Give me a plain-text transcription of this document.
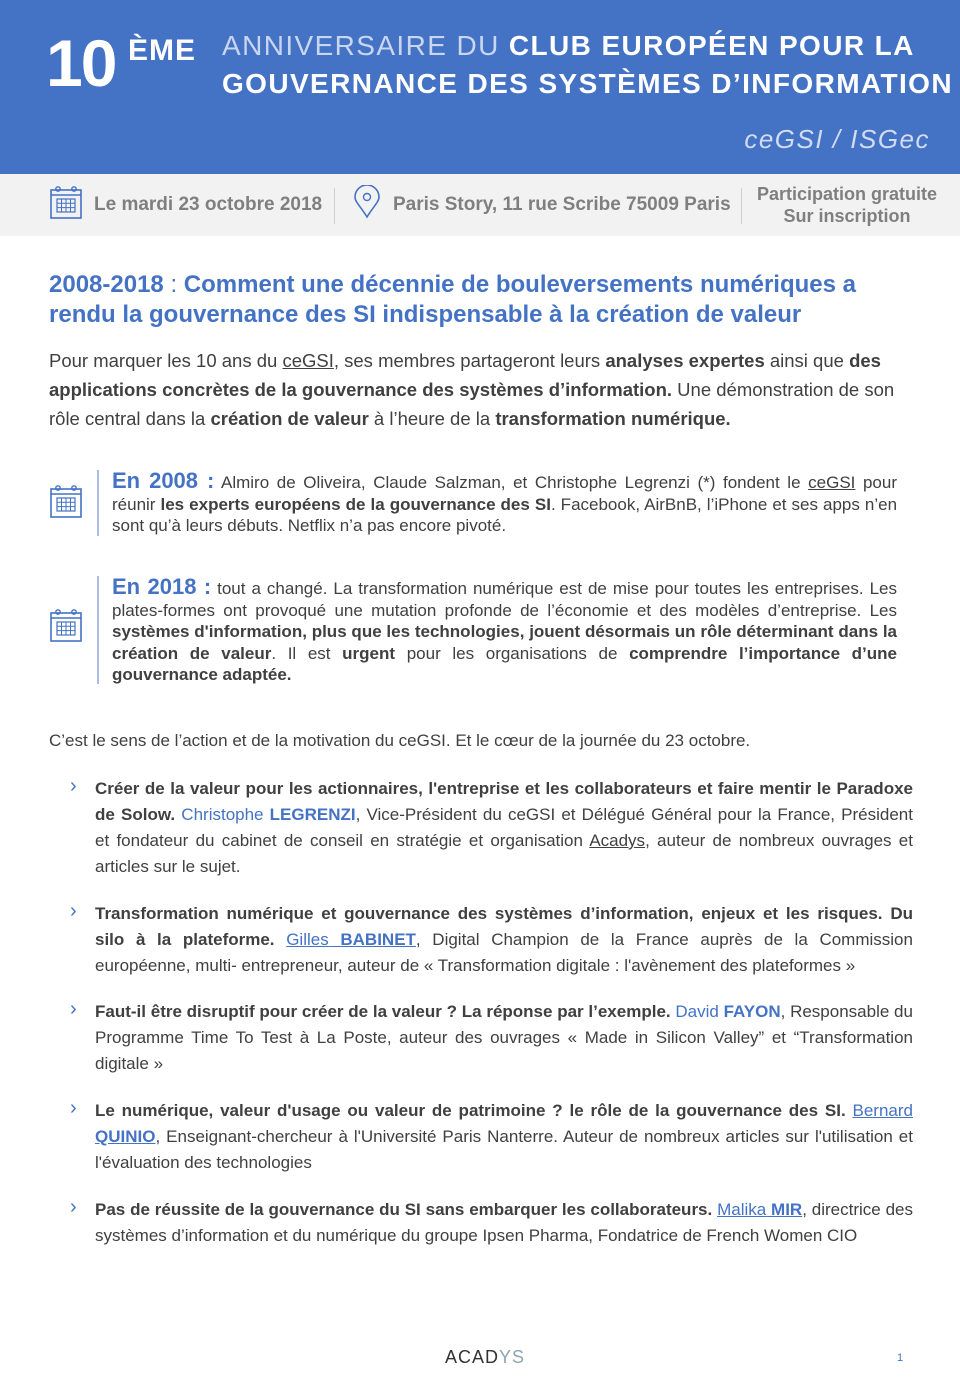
10 ÈME ANNIVERSAIRE DU CLUB EUROPÉEN POUR LA
GOUVERNANCE DES SYSTÈMES D’INFORMATION
ceGSI / ISGec
Le mardi 23 octobre 2018	Paris Story, 11 rue Scribe 75009 Paris Participation gratuite
Sur inscription
2008-2018 : Comment une décennie de bouleversements numériques a rendu la gouvernance des SI indispensable à la création de valeur
Pour marquer les 10 ans du ceGSI, ses membres partageront leurs analyses expertes ainsi que des applications concrètes de la gouvernance des systèmes d’information. Une démonstration de son rôle central dans la création de valeur à l’heure de la transformation numérique.
En 2008 : Almiro de Oliveira, Claude Salzman, et Christophe Legrenzi (*) fondent le ceGSI pour réunir les experts européens de la gouvernance des SI. Facebook, AirBnB, l’iPhone et ses apps n’en sont qu’à leurs débuts. Netflix n’a pas encore pivoté.
En 2018 : tout a changé. La transformation numérique est de mise pour toutes les entreprises. Les plates-formes ont provoqué une mutation profonde de l’économie et des modèles d’entreprise. Les systèmes d'information, plus que les technologies, jouent désormais un rôle déterminant dans la création de valeur. Il est urgent pour les organisations de comprendre l’importance d’une gouvernance adaptée.
C’est le sens de l’action et de la motivation du ceGSI. Et le cœur de la journée du 23 octobre.
› Créer de la valeur pour les actionnaires, l'entreprise et les collaborateurs et faire mentir le Paradoxe de Solow. Christophe LEGRENZI, Vice-Président du ceGSI et Délégué Général pour la France, Président et fondateur du cabinet de conseil en stratégie et organisation Acadys, auteur de nombreux ouvrages et articles sur le sujet.
› Transformation numérique et gouvernance des systèmes d’information, enjeux et les risques. Du silo à la plateforme. Gilles BABINET, Digital Champion de la France auprès de la Commission européenne, multi- entrepreneur, auteur de « Transformation digitale : l'avènement des plateformes »
› Faut-il être disruptif pour créer de la valeur ? La réponse par l’exemple. David FAYON, Responsable du Programme Time To Test à La Poste, auteur des ouvrages « Made in Silicon Valley” et “Transformation digitale »
› Le numérique, valeur d'usage ou valeur de patrimoine ? le rôle de la gouvernance des SI. Bernard QUINIO, Enseignant-chercheur à l'Université Paris Nanterre. Auteur de nombreux articles sur l'utilisation et l'évaluation des technologies
› Pas de réussite de la gouvernance du SI sans embarquer les collaborateurs. Malika MIR, directrice des systèmes d’information et du numérique du groupe Ipsen Pharma, Fondatrice de French Women CIO
ACADYS	1
